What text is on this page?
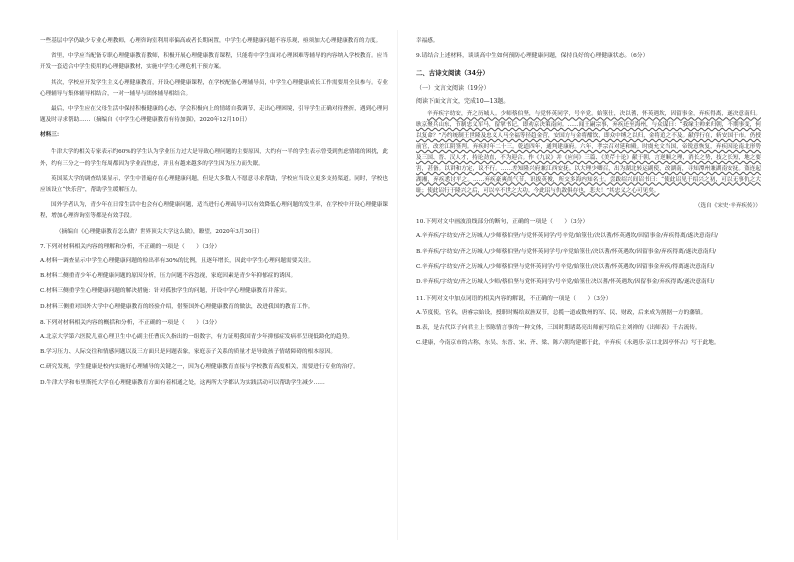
一些基层中学仍缺少专业心理教师，心理咨询室利用率偏高或者长期闲置，中学生心理健康问题不容乐观，亟须加大心理健康教育的力度。

省里，中学应当配备专职心理健康教育教师，积极开展心理健康教育课程，只能将中学生面对心理困难等辅导的内容纳入学校教育。应当开发一套适合中学生使用的心理健康教材，实施中学生心理危机干预方案。

其次，学校应开发学生主义心理健康教育，开设心理健康课程，在学校配备心理辅导员，中学生心理健康成长工作需要用全员参与。专业心理辅导与集体辅导相结合，一对一辅导与团体辅导相结合。

最后，中学生应在父母生活中保持积极健康的心态，学会积极向上的情绪自我调节，走出心理困境，引导学生正确对待挫折，遇到心理问题及时寻求帮助……（摘编自《中学生心理健康教育有待加强》，2020年12月10日）

材料三：

牛津大学的相关专家表示约60%的学生认为学业压力过大是导致心理问题的主要原因，大约有一半的学生表示曾受到焦虑情绪的困扰，此外，约有三分之一的学生每周都因为学业而焦虑，并且有越来越多的学生因为压力而失眠。

英国某大学的调查结果显示，学生中普遍存在心理健康问题，但是大多数人不愿意寻求帮助，学校应当设立更多支持渠道。同时，学校也应该设立“快乐营”，帮助学生缓解压力。

国外学者认为，青少年在日常生活中也会有心理健康问题，适当进行心理疏导可以有效降低心理问题的发生率，在学校中开设心理健康课程，增加心理咨询室等都是有效手段。

（摘编自《心理健康教育怎么做？世界顶尖大学这么做》，瞭望，2020年3月30日）

7.下列对材料相关内容的理解和分析，不正确的一项是（　　）（3分）

A.材料一调查显示中学生心理健康问题的检出率有30%的比例，且逐年增长，因此中学生心理问题需要关注。

B.材料二侧重青少年心理健康问题的原因分析，压力问题不容忽视，家庭因素是青少年抑郁症的诱因。

C.材料三侧重学生心理健康问题的解决措施：针对孤独学生的问题，开设中学心理健康教育并落实。

D.材料三侧重对国外大学中心理健康教育的经验介绍，借鉴国外心理健康教育的做法，改进我国的教育工作。

8.下列对材料相关内容的概括和分析，不正确的一项是（　　）（3分）

A.北京大学第六医院儿童心理卫生中心副主任曹庆久指出的一组数字，有力证明我国青少年抑郁症发病率呈现低龄化的趋势。

B.学习压力、人际交往和情感问题以及三方面只是问题表象，家庭亲子关系的质量才是导致孩子情绪障碍的根本原因。

C.研究发现，学生健康是校内实施好心理辅导的关键之一，因为心理健康教育直接与学校教育高度相关，需要进行专业的治疗。

D.牛津大学和布里斯托大学在心理健康教育方面有着相通之处，这两所大学都认为实践活动可以帮助学生减少……

幸福感。

9.请结合上述材料，谈谈高中生如何预防心理健康问题，保持良好的心理健康状态。（6分）

二、古诗文阅读（34分）

（一）文言文阅读（19分）

阅读下面文言文，完成10—13题。

辛弃疾字幼安，齐之历城人。少师蔡伯坚，与党怀英同学，号辛党。始筮仕，决以蓍，怀英遇坎，因留事金，弃疾得离，遂决意南归。耿京聚兵山东，节制忠义军马，留掌书记，即劝京决策南向。……闻王嗣宗事，弃疾还至海州，与众谋曰：“我缘主帅来归朝，不期事变，何以复命？”乃约统制王世隆及忠义人马全福等径趋金营，安国方与金将酣饮，即众中缚之以归，金将追之不及。献俘行在，斩安国于市。仍授前官，改差江阴签判。弃疾时年二十三。乾道四年，通判建康府。六年，孝宗召对延和殿。时虞允文当国，帝锐意恢复，弃疾因论南北形势及三国、晋、汉人才，持论劲直，不为迎合。作《九议》并《应问》三篇、《美芹十论》献于朝，言逆顺之理，消长之势，技之长短，地之要害，甚备。以讲和方定，议不行。……差知隆兴府兼江西安抚。以大理少卿召，出为湖北转运副使，改湖南，寻知潭州兼湖南安抚。盗连起湖湘，弃疾悉讨平之。……弃疾豪爽尚气节，识拔英俊，所交多海内知名士。尝跋绍兴间诏书曰：“使此诏见于绍兴之初，可以无事仇之大耻；使此诏行于隆兴之后，可以卒不世之大功。今此诏与仇敌俱存也，悲夫！”其忠义之心可见矣。

（选自《宋史·辛弃疾传》）

10.下列对文中画波浪线部分的断句，正确的一项是（　　）（3分）

A.辛弃疾/字幼安/齐之历城人/少师蔡伯坚/与党怀英同学/号辛党/始筮仕/决以蓍/怀英遇坎/因留事金/弃疾得离/遂决意南归/

B.辛弃疾/字幼安/齐之历城人/少师蔡伯坚/与党怀英同学号/辛党始筮仕/决以蓍/怀英遇坎/因留事金/弃疾得离/遂决意南归/

C.辛弃疾/字幼安/齐之历城人/少师蔡伯坚与党怀英同学/号辛党/始筮仕/决以蓍/怀英遇坎/因留事金弃疾/得离遂决意南归/

D.辛弃疾/字幼安/齐之历城人少师/蔡伯坚与党怀英同学/号辛党/始筮仕决以蓍/怀英遇坎/因留事金/弃疾得离/遂决意南归/

11.下列对文中加点词语的相关内容的解说，不正确的一项是（　　）（3分）

A.节度使，官名，唐睿宗始设，授职时赐给双旌双节，总揽一道或数州的军、民、财政，后来成为割据一方的藩镇。

B.表，是古代臣子向君主上书陈情言事的一种文体，三国时期诸葛亮出师前写给后主刘禅的《出师表》千古流传。

C.建康，今南京市的古称，东吴、东晋、宋、齐、梁、陈六朝均建都于此，辛弃疾《永遇乐·京口北固亭怀古》写于此地。
